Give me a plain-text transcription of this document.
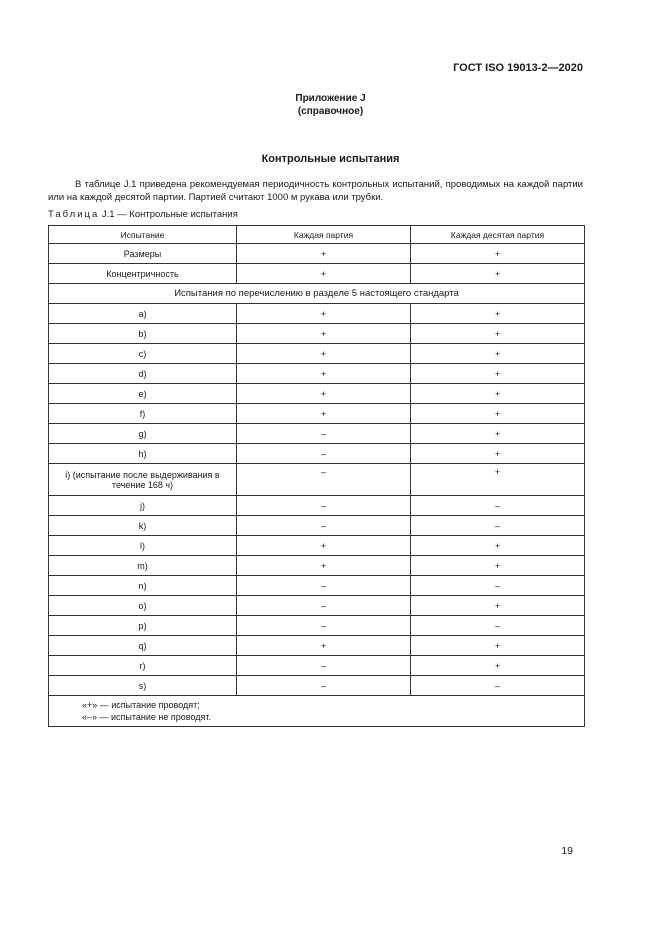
ГОСТ ISO 19013-2—2020
Приложение J
(справочное)
Контрольные испытания
В таблице J.1 приведена рекомендуемая периодичность контрольных испытаний, проводимых на каждой партии или на каждой десятой партии. Партией считают 1000 м рукава или трубки.
Таблица J.1 — Контрольные испытания
Испытание	Каждая партия	Каждая десятая партия
Размеры	+	+
Концентричность	+	+
Испытания по перечислению в разделе 5 настоящего стандарта		
a)	+	+
b)	+	+
c)	+	+
d)	+	+
e)	+	+
f)	+	+
g)	–	+
h)	–	+
i) (испытание после выдерживания в течение 168 ч)	–	+
j)	–	–
k)	–	–
l)	+	+
m)	+	+
n)	–	–
o)	–	+
p)	–	–
q)	+	+
r)	–	+
s)	–	–

«+» — испытание проводят;
«–» — испытание не проводят.		
19
